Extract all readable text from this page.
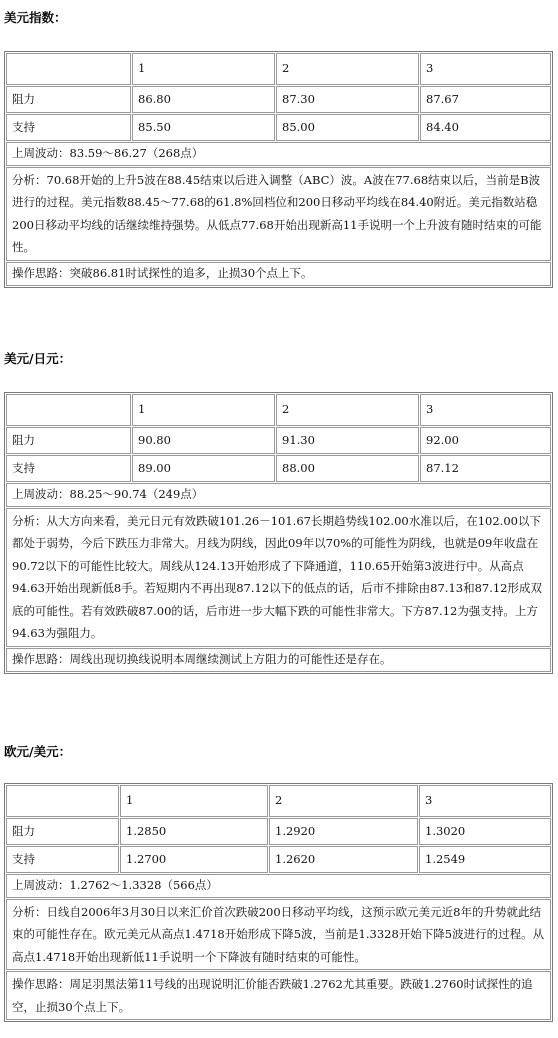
美元指数：
	1	2	3
阻力	86.80	87.30	87.67
支持	85.50	85.00	84.40
上周波动：83.59～86.27（268点）			
分析：70.68开始的上升5波在88.45结束以后进入调整（ABC）波。A波在77.68结束以后，当前是B波进行的过程。美元指数88.45～77.68的61.8%回档位和200日移动平均线在84.40附近。美元指数站稳200日移动平均线的话继续维持强势。从低点77.68开始出现新高11手说明一个上升波有随时结束的可能性。			
操作思路：突破86.81时试探性的追多，止损30个点上下。			
美元/日元：
	1	2	3
阻力	90.80	91.30	92.00
支持	89.00	88.00	87.12
上周波动：88.25～90.74（249点）			
分析：从大方向来看，美元日元有效跌破101.26－101.67长期趋势线102.00水准以后，在102.00以下都处于弱势，今后下跌压力非常大。月线为阴线，因此09年以70%的可能性为阴线，也就是09年收盘在90.72以下的可能性比较大。周线从124.13开始形成了下降通道，110.65开始第3波进行中。从高点94.63开始出现新低8手。若短期内不再出现87.12以下的低点的话，后市不排除由87.13和87.12形成双底的可能性。若有效跌破87.00的话，后市进一步大幅下跌的可能性非常大。下方87.12为强支持。上方94.63为强阻力。			
操作思路：周线出现切换线说明本周继续测试上方阻力的可能性还是存在。			
欧元/美元：
	1	2	3
阻力	1.2850	1.2920	1.3020
支持	1.2700	1.2620	1.2549
上周波动：1.2762～1.3328（566点）			
分析：日线自2006年3月30日以来汇价首次跌破200日移动平均线，这预示欧元美元近8年的升势就此结束的可能性存在。欧元美元从高点1.4718开始形成下降5波，当前是1.3328开始下降5波进行的过程。从高点1.4718开始出现新低11手说明一个下降波有随时结束的可能性。			
操作思路：周足羽黑法第11号线的出现说明汇价能否跌破1.2762尤其重要。跌破1.2760时试探性的追空，止损30个点上下。			
